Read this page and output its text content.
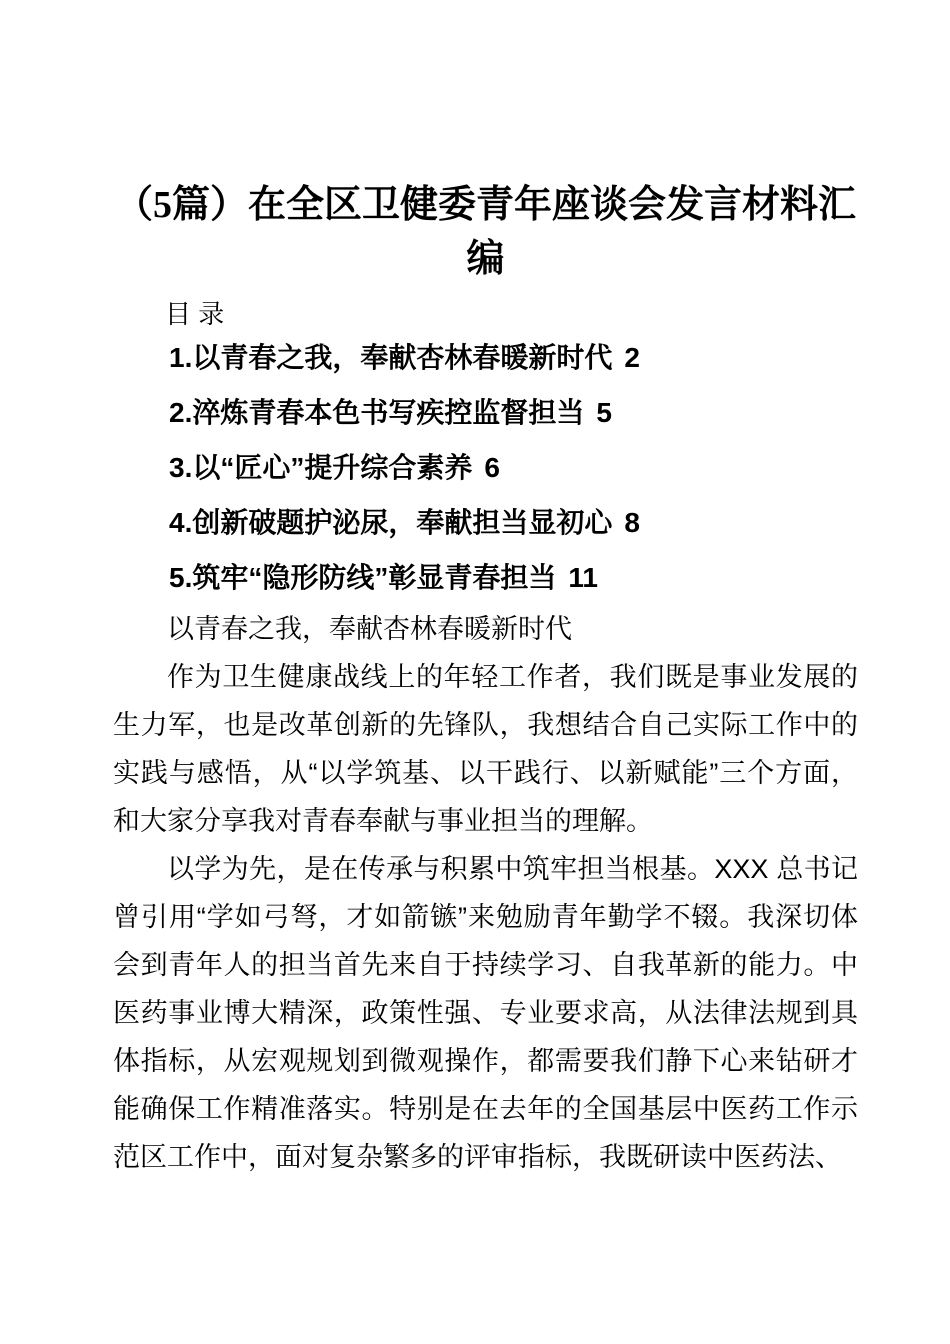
（5篇）在全区卫健委青年座谈会发言材料汇编
目 录
1.以青春之我，奉献杏林春暖新时代 2
2.淬炼青春本色书写疾控监督担当 5
3.以“匠心”提升综合素养 6
4.创新破题护泌尿，奉献担当显初心 8
5.筑牢“隐形防线”彰显青春担当 11

以青春之我，奉献杏林春暖新时代

作为卫生健康战线上的年轻工作者，我们既是事业发展的生力军，也是改革创新的先锋队，我想结合自己实际工作中的实践与感悟，从“以学筑基、以干践行、以新赋能”三个方面，和大家分享我对青春奉献与事业担当的理解。

以学为先，是在传承与积累中筑牢担当根基。XXX 总书记曾引用“学如弓弩，才如箭镞”来勉励青年勤学不辍。我深切体会到青年人的担当首先来自于持续学习、自我革新的能力。中医药事业博大精深，政策性强、专业要求高，从法律法规到具体指标，从宏观规划到微观操作，都需要我们静下心来钻研才能确保工作精准落实。特别是在去年的全国基层中医药工作示范区工作中，面对复杂繁多的评审指标，我既研读中医药法、
